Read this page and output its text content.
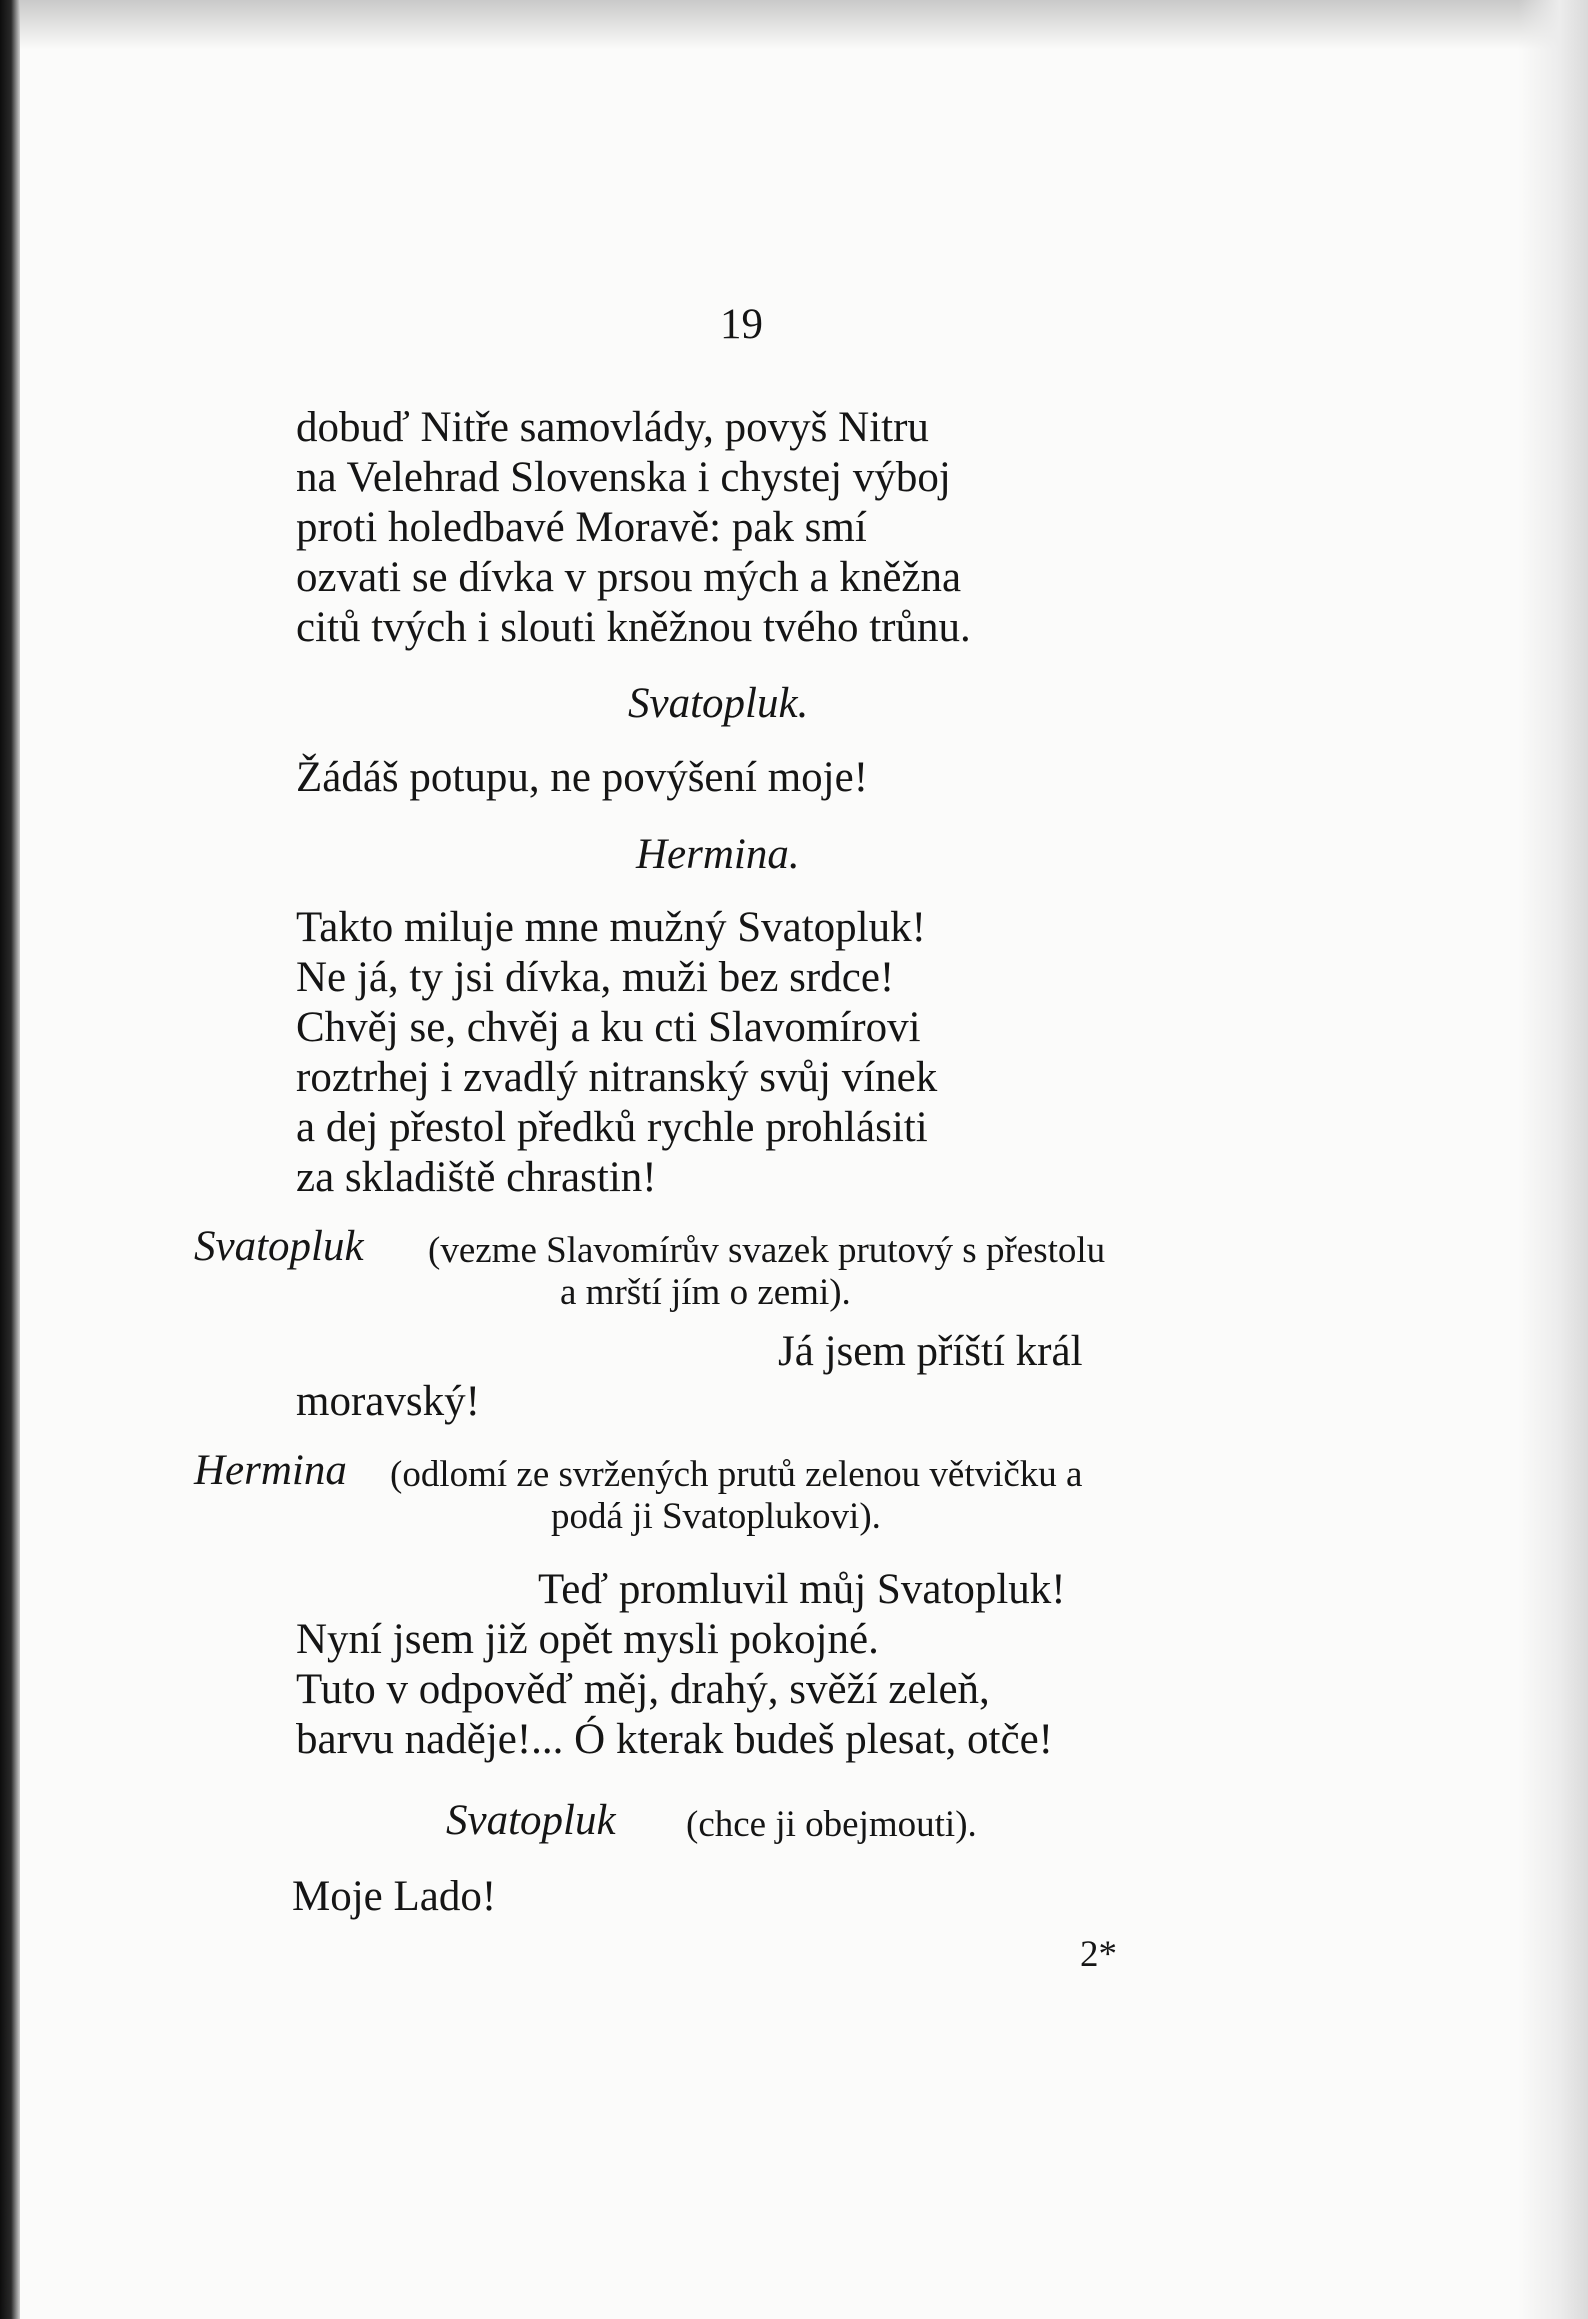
19

dobuď Nitře samovlády, povyš Nitru

na Velehrad Slovenska i chystej výboj

proti holedbavé Moravě: pak smí

ozvati se dívka v prsou mých a kněžna

citů tvých i slouti kněžnou tvého trůnu.

Svatopluk.

Žádáš potupu, ne povýšení moje!

Hermina.

Takto miluje mne mužný Svatopluk!

Ne já, ty jsi dívka, muži bez srdce!

Chvěj se, chvěj a ku cti Slavomírovi

roztrhej i zvadlý nitranský svůj vínek

a dej přestol předků rychle prohlásiti

za skladiště chrastin!

Svatopluk (vezme Slavomírův svazek prutový s přestolu

a mrští jím o zemi).

Já jsem příští král

moravský!

Hermina (odlomí ze svržených prutů zelenou větvičku a

podá ji Svatoplukovi).

Teď promluvil můj Svatopluk!

Nyní jsem již opět mysli pokojné.

Tuto v odpověď měj, drahý, svěží zeleň,

barvu naděje!... Ó kterak budeš plesat, otče!

Svatopluk (chce ji obejmouti).

Moje Lado!

2*
